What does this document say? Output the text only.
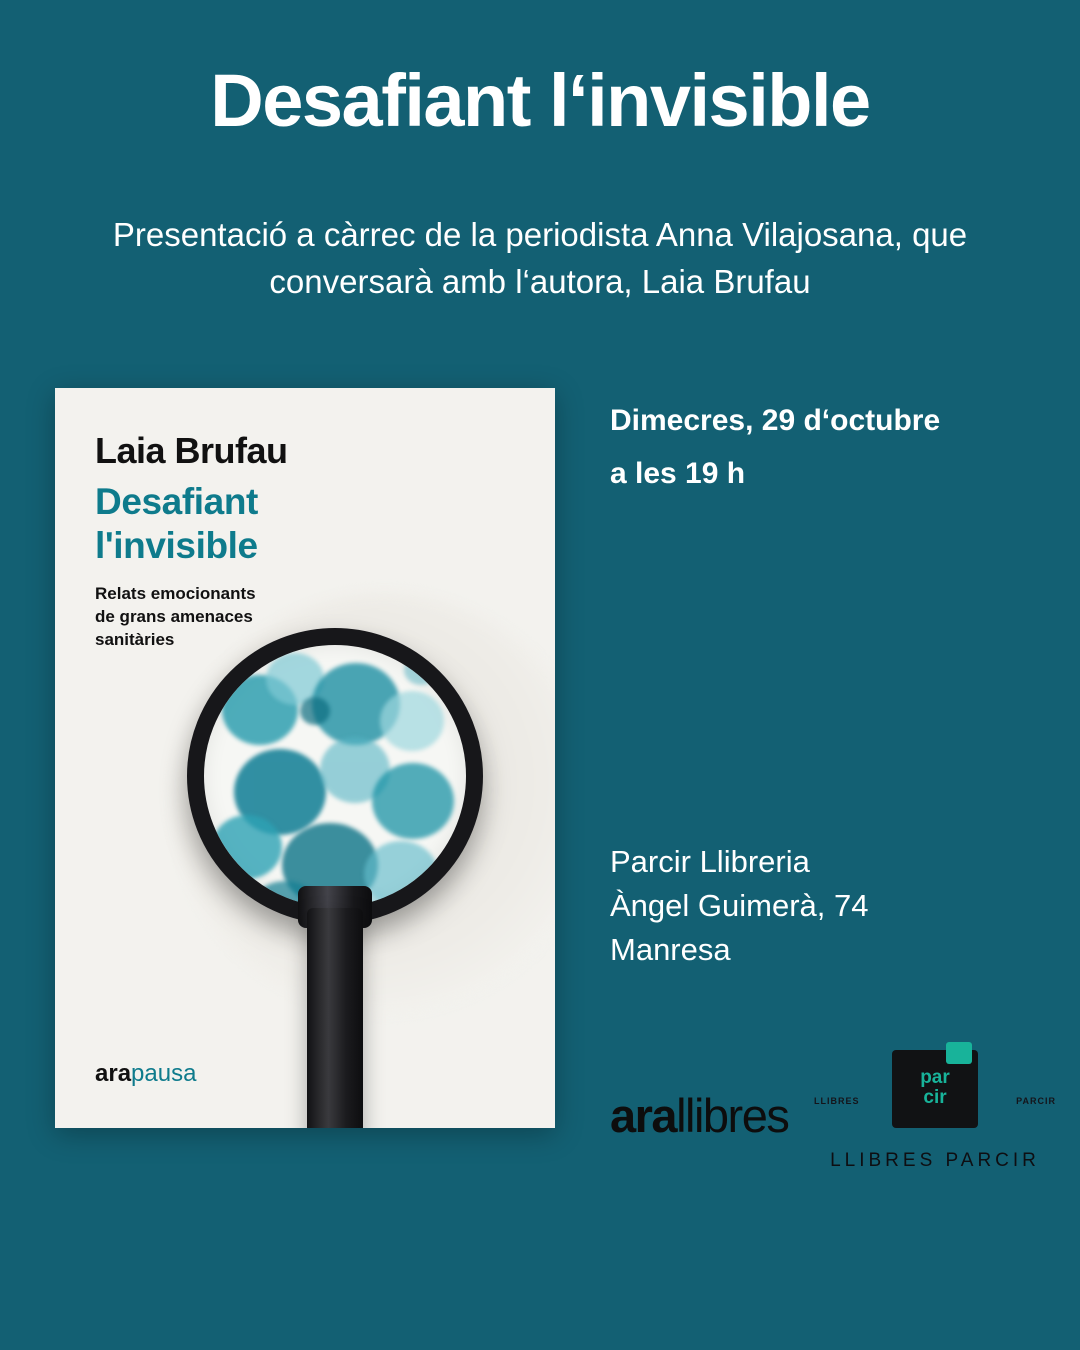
Desafiant l‘invisible

Presentació a càrrec de la periodista Anna Vilajosana, que conversarà amb l‘autora, Laia Brufau

Laia Brufau
Desafiant
l'invisible
Relats emocionants
de grans amenaces
sanitàries
arapausa
Dimecres, 29 d‘octubre
a les 19 h
Parcir Llibreria
Àngel Guimerà, 74
Manresa
arallibres
par
cir
LLIBRES	PARCIR
LLIBRES PARCIR
